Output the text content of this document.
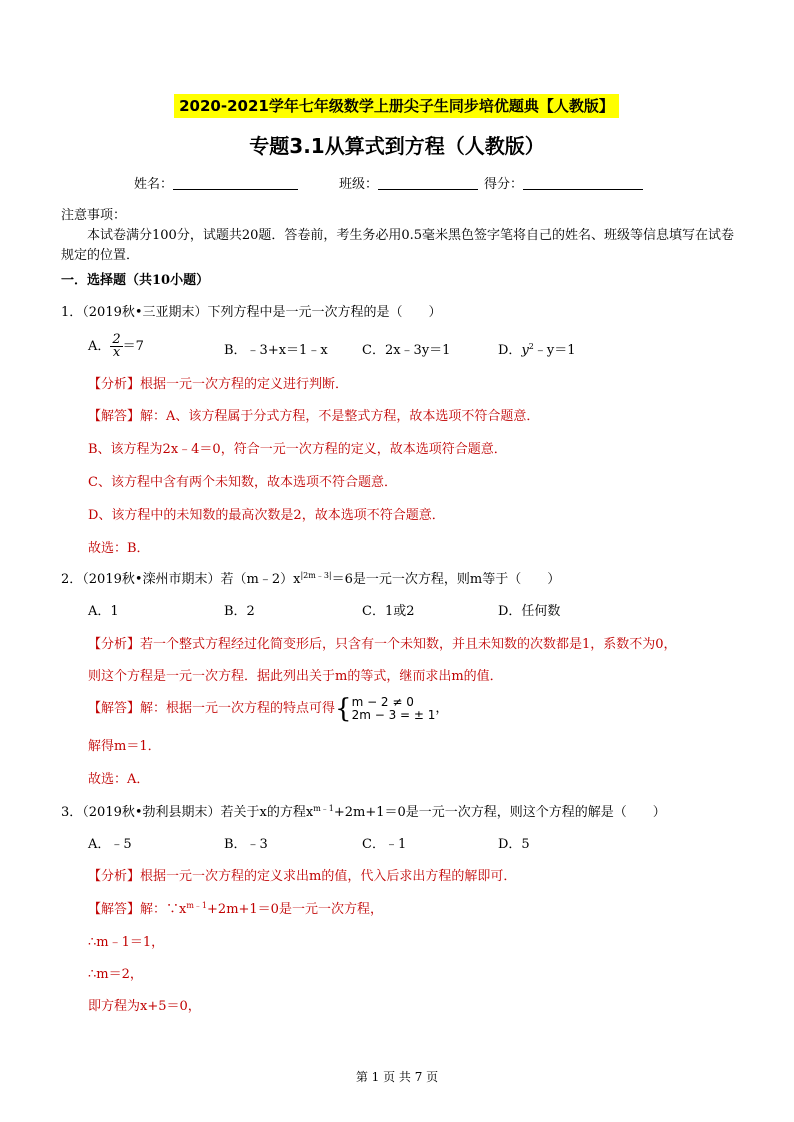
2020-2021学年七年级数学上册尖子生同步培优题典【人教版】
专题3.1从算式到方程（人教版）
姓名：	班级：	得分：
注意事项：
本试卷满分100分，试题共20题．答卷前，考生务必用0.5毫米黑色签字笔将自己的姓名、班级等信息填写在试卷规定的位置．
一．选择题（共10小题）
1．（2019秋•三亚期末）下列方程中是一元一次方程的是（　　）
A． $\frac{2}{x} =7$	B．﹣3+x＝1﹣x	C．2x﹣3y＝1	D．$y^2﹣y=1$
【分析】根据一元一次方程的定义进行判断．
【解答】解：A、该方程属于分式方程，不是整式方程，故本选项不符合题意．
B、该方程为2x﹣4＝0，符合一元一次方程的定义，故本选项符合题意．
C、该方程中含有两个未知数，故本选项不符合题意．
D、该方程中的未知数的最高次数是2，故本选项不符合题意．
故选：B．
2．（2019秋•滦州市期末）若$(m﹣2)x^{|2m﹣3|}=6$是一元一次方程，则m等于（　　）
A．1	B．2	C．1或2	D．任何数
【分析】若一个整式方程经过化简变形后，只含有一个未知数，并且未知数的次数都是1，系数不为0，
则这个方程是一元一次方程．据此列出关于m的等式，继而求出m的值．
【解答】解：根据一元一次方程的特点可得{ m − 2 ≠ 0
2m − 3 = ± 1 ，
解得m＝1．
故选：A．
3．（2019秋•勃利县期末）若关于x的方程$x^{m﹣1}+2m+1=0$是一元一次方程，则这个方程的解是（　　）
A．﹣5	B．﹣3	C．﹣1	D．5
【分析】根据一元一次方程的定义求出m的值，代入后求出方程的解即可．
【解答】解：$\because x^{m﹣1}+2m+1=0$是一元一次方程，
∴m﹣1＝1，
∴m＝2，
即方程为x+5＝0，
第 1 页 共 7 页
